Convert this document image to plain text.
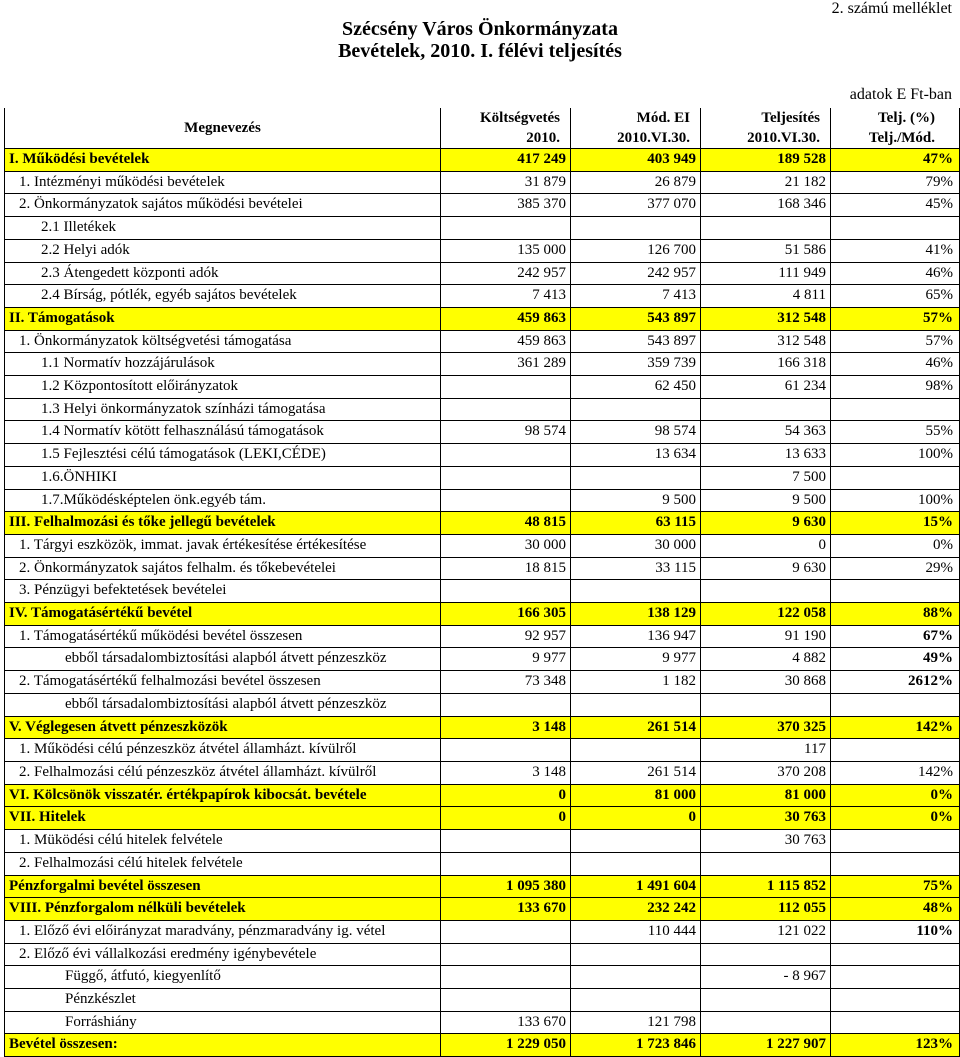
Szécsény Város Önkormányzata
Bevételek, 2010. I. félévi teljesítés
2. számú melléklet
adatok E Ft-ban
Megnevezés	Költségvetés	Mód. EI	Teljesítés	Telj. (%)
	2010.	2010.VI.30.	2010.VI.30.	Telj./Mód.
I. Működési bevételek	417 249	403 949	189 528	47%
1. Intézményi működési bevételek	31 879	26 879	21 182	79%
2. Önkormányzatok sajátos működési bevételei	385 370	377 070	168 346	45%
2.1 Illetékek				
2.2 Helyi adók	135 000	126 700	51 586	41%
2.3 Átengedett központi adók	242 957	242 957	111 949	46%
2.4 Bírság, pótlék, egyéb sajátos bevételek	7 413	7 413	4 811	65%
II. Támogatások	459 863	543 897	312 548	57%
1. Önkormányzatok költségvetési támogatása	459 863	543 897	312 548	57%
1.1 Normatív hozzájárulások	361 289	359 739	166 318	46%
1.2 Központosított előirányzatok		62 450	61 234	98%
1.3 Helyi önkormányzatok színházi támogatása				
1.4 Normatív kötött felhasználású támogatások	98 574	98 574	54 363	55%
1.5 Fejlesztési célú támogatások (LEKI,CÉDE)		13 634	13 633	100%
1.6.ÖNHIKI			7 500	
1.7.Működésképtelen önk.egyéb tám.		9 500	9 500	100%
III. Felhalmozási és tőke jellegű bevételek	48 815	63 115	9 630	15%
1. Tárgyi eszközök, immat. javak értékesítése értékesítése	30 000	30 000	0	0%
2. Önkormányzatok sajátos felhalm. és tőkebevételei	18 815	33 115	9 630	29%
3. Pénzügyi befektetések bevételei				
IV. Támogatásértékű bevétel	166 305	138 129	122 058	88%
1. Támogatásértékű működési bevétel összesen	92 957	136 947	91 190	67%
ebből társadalombiztosítási alapból átvett pénzeszköz	9 977	9 977	4 882	49%
2. Támogatásértékű felhalmozási bevétel összesen	73 348	1 182	30 868	2612%
ebből társadalombiztosítási alapból átvett pénzeszköz				
V. Véglegesen átvett pénzeszközök	3 148	261 514	370 325	142%
1. Működési célú pénzeszköz átvétel államházt. kívülről			117	
2. Felhalmozási célú pénzeszköz átvétel államházt. kívülről	3 148	261 514	370 208	142%
VI. Kölcsönök visszatér. értékpapírok kibocsát. bevétele	0	81 000	81 000	0%
VII. Hitelek	0	0	30 763	0%
1. Müködési célú hitelek felvétele			30 763	
2. Felhalmozási célú hitelek felvétele				
Pénzforgalmi bevétel összesen	1 095 380	1 491 604	1 115 852	75%
VIII. Pénzforgalom nélküli bevételek	133 670	232 242	112 055	48%
1. Előző évi előirányzat maradvány, pénzmaradvány ig. vétel		110 444	121 022	110%
2. Előző évi vállalkozási eredmény igénybevétele				
Függő, átfutó, kiegyenlítő			- 8 967	
Pénzkészlet				
Forráshiány	133 670	121 798		
Bevétel összesen:	1 229 050	1 723 846	1 227 907	123%
